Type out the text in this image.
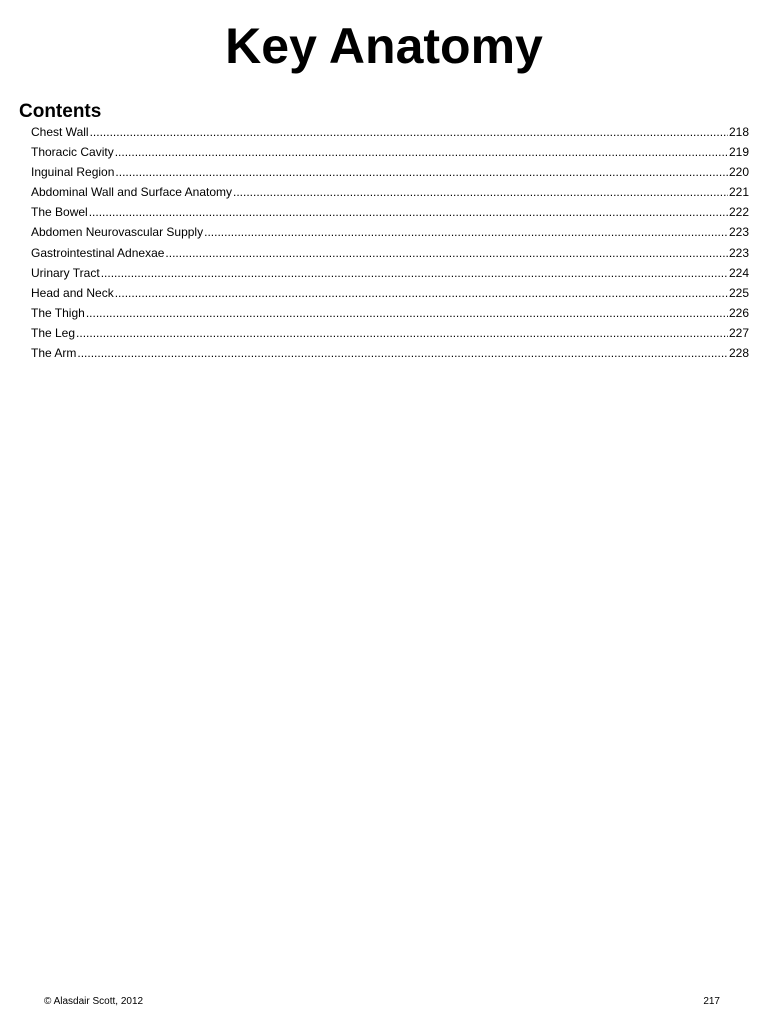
Key Anatomy
Contents
Chest Wall .....	218
Thoracic Cavity .....	219
Inguinal Region .....	220
Abdominal Wall and Surface Anatomy .....	221
The Bowel .....	222
Abdomen Neurovascular Supply .....	223
Gastrointestinal Adnexae .....	223
Urinary Tract .....	224
Head and Neck .....	225
The Thigh .....	226
The Leg .....	227
The Arm .....	228
© Alasdair Scott, 2012	217
